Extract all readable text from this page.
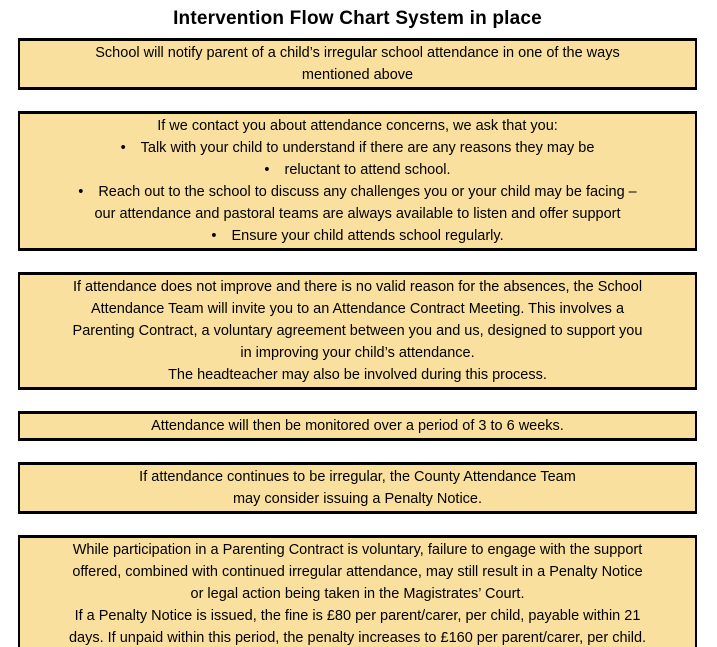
Intervention Flow Chart System in place
School will notify parent of a child’s irregular school attendance in one of the ways
mentioned above
If we contact you about attendance concerns, we ask that you:
• Talk with your child to understand if there are any reasons they may be
• reluctant to attend school.
• Reach out to the school to discuss any challenges you or your child may be facing –
our attendance and pastoral teams are always available to listen and offer support
• Ensure your child attends school regularly.
If attendance does not improve and there is no valid reason for the absences, the School
Attendance Team will invite you to an Attendance Contract Meeting. This involves a
Parenting Contract, a voluntary agreement between you and us, designed to support you
in improving your child’s attendance.
The headteacher may also be involved during this process.
Attendance will then be monitored over a period of 3 to 6 weeks.
If attendance continues to be irregular, the County Attendance Team
may consider issuing a Penalty Notice.
While participation in a Parenting Contract is voluntary, failure to engage with the support
offered, combined with continued irregular attendance, may still result in a Penalty Notice
or legal action being taken in the Magistrates’ Court.
If a Penalty Notice is issued, the fine is £80 per parent/carer, per child, payable within 21
days. If unpaid within this period, the penalty increases to £160 per parent/carer, per child.
